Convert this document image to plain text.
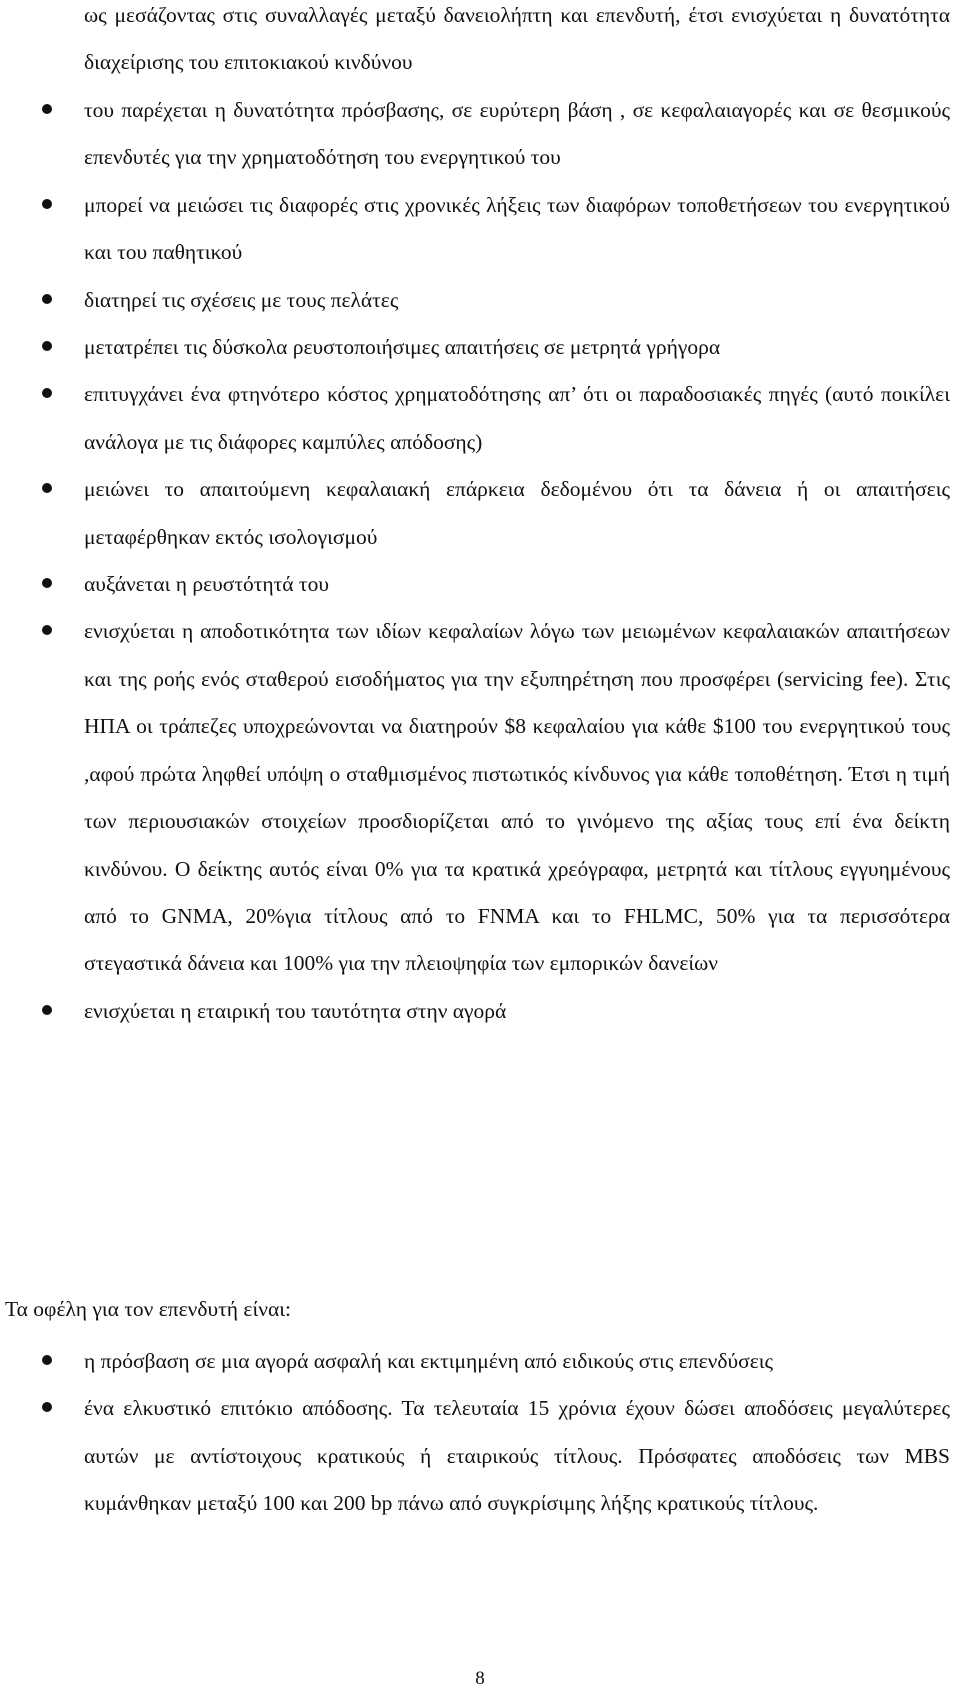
ως μεσάζοντας στις συναλλαγές μεταξύ δανειολήπτη και επενδυτή, έτσι ενισχύεται η δυνατότητα διαχείρισης του επιτοκιακού κινδύνου

του παρέχεται η δυνατότητα πρόσβασης, σε ευρύτερη βάση , σε κεφαλαιαγορές και σε θεσμικούς επενδυτές για την χρηματοδότηση του ενεργητικού του
μπορεί να μειώσει τις διαφορές στις χρονικές λήξεις των διαφόρων τοποθετήσεων του ενεργητικού και του παθητικού
διατηρεί τις σχέσεις με τους πελάτες
μετατρέπει τις δύσκολα ρευστοποιήσιμες απαιτήσεις σε μετρητά γρήγορα
επιτυγχάνει ένα φτηνότερο κόστος χρηματοδότησης απ’ ότι οι παραδοσιακές πηγές (αυτό ποικίλει ανάλογα με τις διάφορες καμπύλες απόδοσης)
μειώνει το απαιτούμενη κεφαλαιακή επάρκεια δεδομένου ότι τα δάνεια ή οι απαιτήσεις μεταφέρθηκαν εκτός ισολογισμού
αυξάνεται η ρευστότητά του
ενισχύεται η αποδοτικότητα των ιδίων κεφαλαίων λόγω των μειωμένων κεφαλαιακών απαιτήσεων και της ροής ενός σταθερού εισοδήματος για την εξυπηρέτηση που προσφέρει (servicing fee). Στις ΗΠΑ οι τράπεζες υποχρεώνονται να διατηρούν $8 κεφαλαίου για κάθε $100 του ενεργητικού τους ,αφού πρώτα ληφθεί υπόψη ο σταθμισμένος πιστωτικός κίνδυνος για κάθε τοποθέτηση. Έτσι η τιμή των περιουσιακών στοιχείων προσδιορίζεται από το γινόμενο της αξίας τους επί ένα δείκτη κινδύνου. Ο δείκτης αυτός είναι 0% για τα κρατικά χρεόγραφα, μετρητά και τίτλους εγγυημένους από το GNMA, 20%για τίτλους από το FNMA και το FHLMC, 50% για τα περισσότερα στεγαστικά δάνεια και 100% για την πλειοψηφία των εμπορικών δανείων
ενισχύεται η εταιρική του ταυτότητα στην αγορά

Τα οφέλη για τον επενδυτή είναι:

η πρόσβαση σε μια αγορά ασφαλή και εκτιμημένη από ειδικούς στις επενδύσεις
ένα ελκυστικό επιτόκιο απόδοσης. Τα τελευταία 15 χρόνια έχουν δώσει αποδόσεις μεγαλύτερες αυτών με αντίστοιχους κρατικούς ή εταιρικούς τίτλους. Πρόσφατες αποδόσεις των MBS κυμάνθηκαν μεταξύ 100 και 200 bp πάνω από συγκρίσιμης λήξης κρατικούς τίτλους.
8
